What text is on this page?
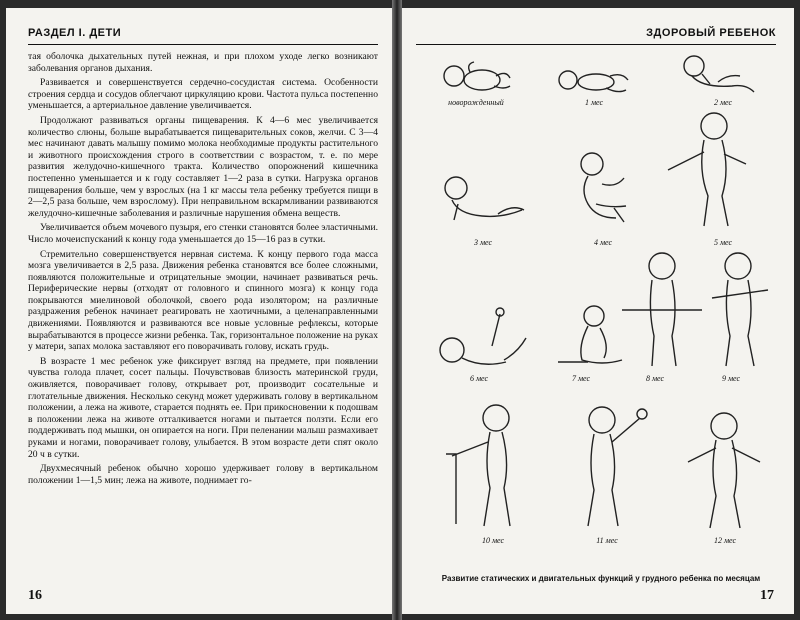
РАЗДЕЛ I. ДЕТИ

тая оболочка дыхательных путей нежная, и при плохом уходе легко возникают заболевания органов дыхания.

Развивается и совершенствуется сердечно-сосудистая система. Особенности строения сердца и сосудов облегчают циркуляцию крови. Частота пульса постепенно уменьшается, а артериальное давление увеличивается.

Продолжают развиваться органы пищеварения. К 4—6 мес увеличивается количество слюны, больше вырабатывается пищеварительных соков, желчи. С 3—4 мес начинают давать малышу помимо молока необходимые продукты растительного и животного происхождения строго в соответствии с возрастом, т. е. по мере развития желудочно-кишечного тракта. Количество опорожнений кишечника постепенно уменьшается и к году составляет 1—2 раза в сутки. Нагрузка органов пищеварения больше, чем у взрослых (на 1 кг массы тела ребенку требуется пищи в 2—2,5 раза больше, чем взрослому). При неправильном вскармливании развиваются желудочно-кишечные заболевания и различные нарушения обмена веществ.

Увеличивается объем мочевого пузыря, его стенки становятся более эластичными. Число мочеиспусканий к концу года уменьшается до 15—16 раз в сутки.

Стремительно совершенствуется нервная система. К концу первого года масса мозга увеличивается в 2,5 раза. Движения ребенка становятся все более сложными, появляются положительные и отрицательные эмоции, начинает развиваться речь. Периферические нервы (отходят от головного и спинного мозга) к концу года покрываются миелиновой оболочкой, своего рода изолятором; на различные раздражения ребенок начинает реагировать не хаотичными, а целенаправленными движениями. Появляются и развиваются все новые условные рефлексы, которые вырабатываются в процессе жизни ребенка. Так, горизонтальное положение на руках у матери, запах молока заставляют его поворачивать голову, искать грудь.

В возрасте 1 мес ребенок уже фиксирует взгляд на предмете, при появлении чувства голода плачет, сосет пальцы. Почувствовав близость материнской груди, оживляется, поворачивает голову, открывает рот, производит сосательные и глотательные движения. Несколько секунд может удерживать голову в вертикальном положении, а лежа на животе, старается поднять ее. При прикосновении к подошвам в положении лежа на животе отталкивается ногами и пытается ползти. Если его поддерживать под мышки, он опирается на ноги. При пеленании малыш размахивает руками и ногами, поворачивает голову, улыбается. В этом возрасте дети спят около 20 ч в сутки.

Двухмесячный ребенок обычно хорошо удерживает голову в вертикальном положении 1—1,5 мин; лежа на животе, поднимает го-

16
ЗДОРОВЫЙ РЕБЕНОК
новорожденный	1 мес	2 мес
3 мес	4 мес	5 мес
6 мес	7 мес	8 мес	9 мес
10 мес	11 мес	12 мес
Развитие статических и двигательных функций у грудного ребенка по месяцам
17
